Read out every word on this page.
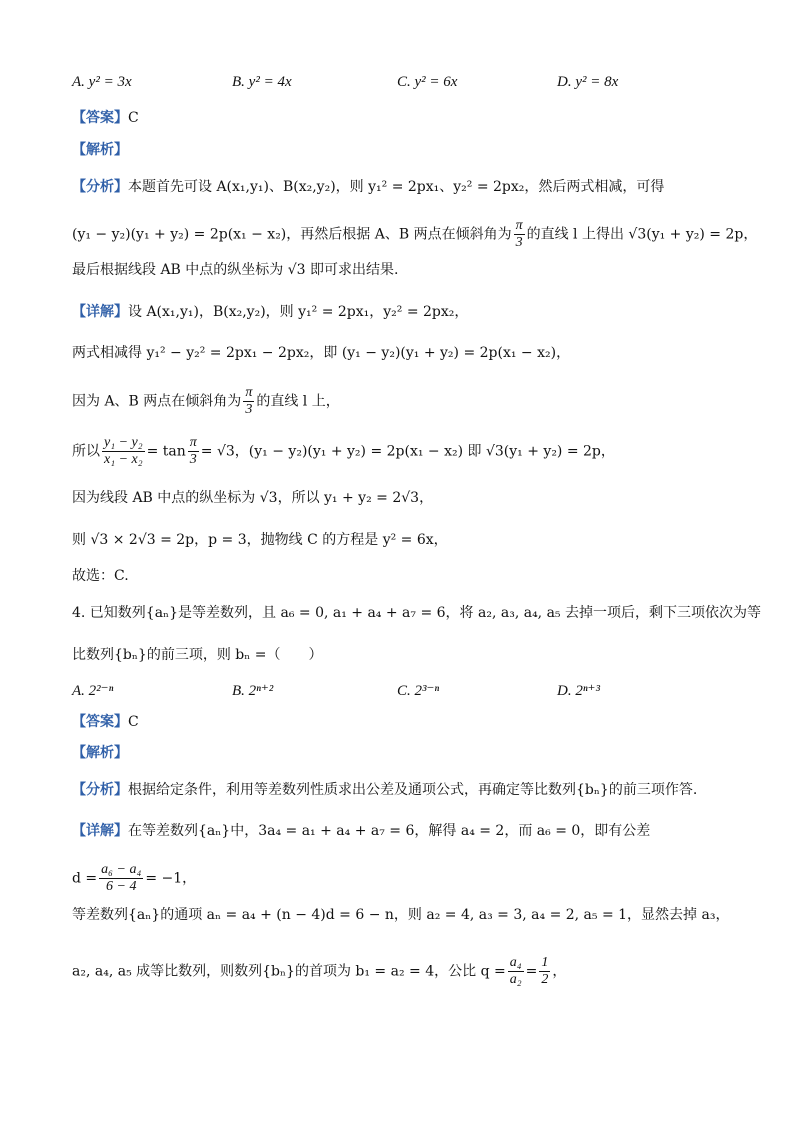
A. y² = 3x	B. y² = 4x	C. y² = 6x	D. y² = 8x
【答案】C
【解析】
【分析】本题首先可设 A(x₁,y₁)、B(x₂,y₂)，则 y₁² = 2px₁、y₂² = 2px₂，然后两式相减，可得
(y₁ − y₂)(y₁ + y₂) = 2p(x₁ − x₂)，再然后根据 A、B 两点在倾斜角为 $\frac{\pi}{3}$ 的直线 l 上得出 √3(y₁ + y₂) = 2p，
最后根据线段 AB 中点的纵坐标为 √3 即可求出结果.
【详解】设 A(x₁,y₁)，B(x₂,y₂)，则 y₁² = 2px₁，y₂² = 2px₂，
两式相减得 y₁² − y₂² = 2px₁ − 2px₂，即 (y₁ − y₂)(y₁ + y₂) = 2p(x₁ − x₂)，
因为 A、B 两点在倾斜角为 $\frac{\pi}{3}$ 的直线 l 上，
所以 $\frac{\text{y₁ − y₂}}{\text{x₁ − x₂}} = \tan \frac{\pi}{3} = √3$，(y₁ − y₂)(y₁ + y₂) = 2p(x₁ − x₂) 即 √3(y₁ + y₂) = 2p，
因为线段 AB 中点的纵坐标为 √3，所以 y₁ + y₂ = 2√3，
则 √3 × 2√3 = 2p，p = 3，抛物线 C 的方程是 y² = 6x，
故选：C.
4. 已知数列{aₙ}是等差数列，且 a₆ = 0, a₁ + a₄ + a₇ = 6，将 a₂, a₃, a₄, a₅ 去掉一项后，剩下三项依次为等
比数列{bₙ}的前三项，则 bₙ =（　　）
A. 2²⁻ⁿ	B. 2ⁿ⁺²	C. 2³⁻ⁿ	D. 2ⁿ⁺³
【答案】C
【解析】
【分析】根据给定条件，利用等差数列性质求出公差及通项公式，再确定等比数列{bₙ}的前三项作答.
【详解】在等差数列{aₙ}中，3a₄ = a₁ + a₄ + a₇ = 6，解得 a₄ = 2，而 a₆ = 0，即有公差
$d = \frac{\text{a₆ − a₄}}{6 - 4} = -1$，
等差数列{aₙ}的通项 aₙ = a₄ + (n − 4)d = 6 − n，则 a₂ = 4, a₃ = 3, a₄ = 2, a₅ = 1，显然去掉 a₃，
a₂, a₄, a₅ 成等比数列，则数列{bₙ}的首项为 b₁ = a₂ = 4，公比 $q = \frac{\text{a₄}}{\text{a₂}} = \frac{1}{2}$ ，
